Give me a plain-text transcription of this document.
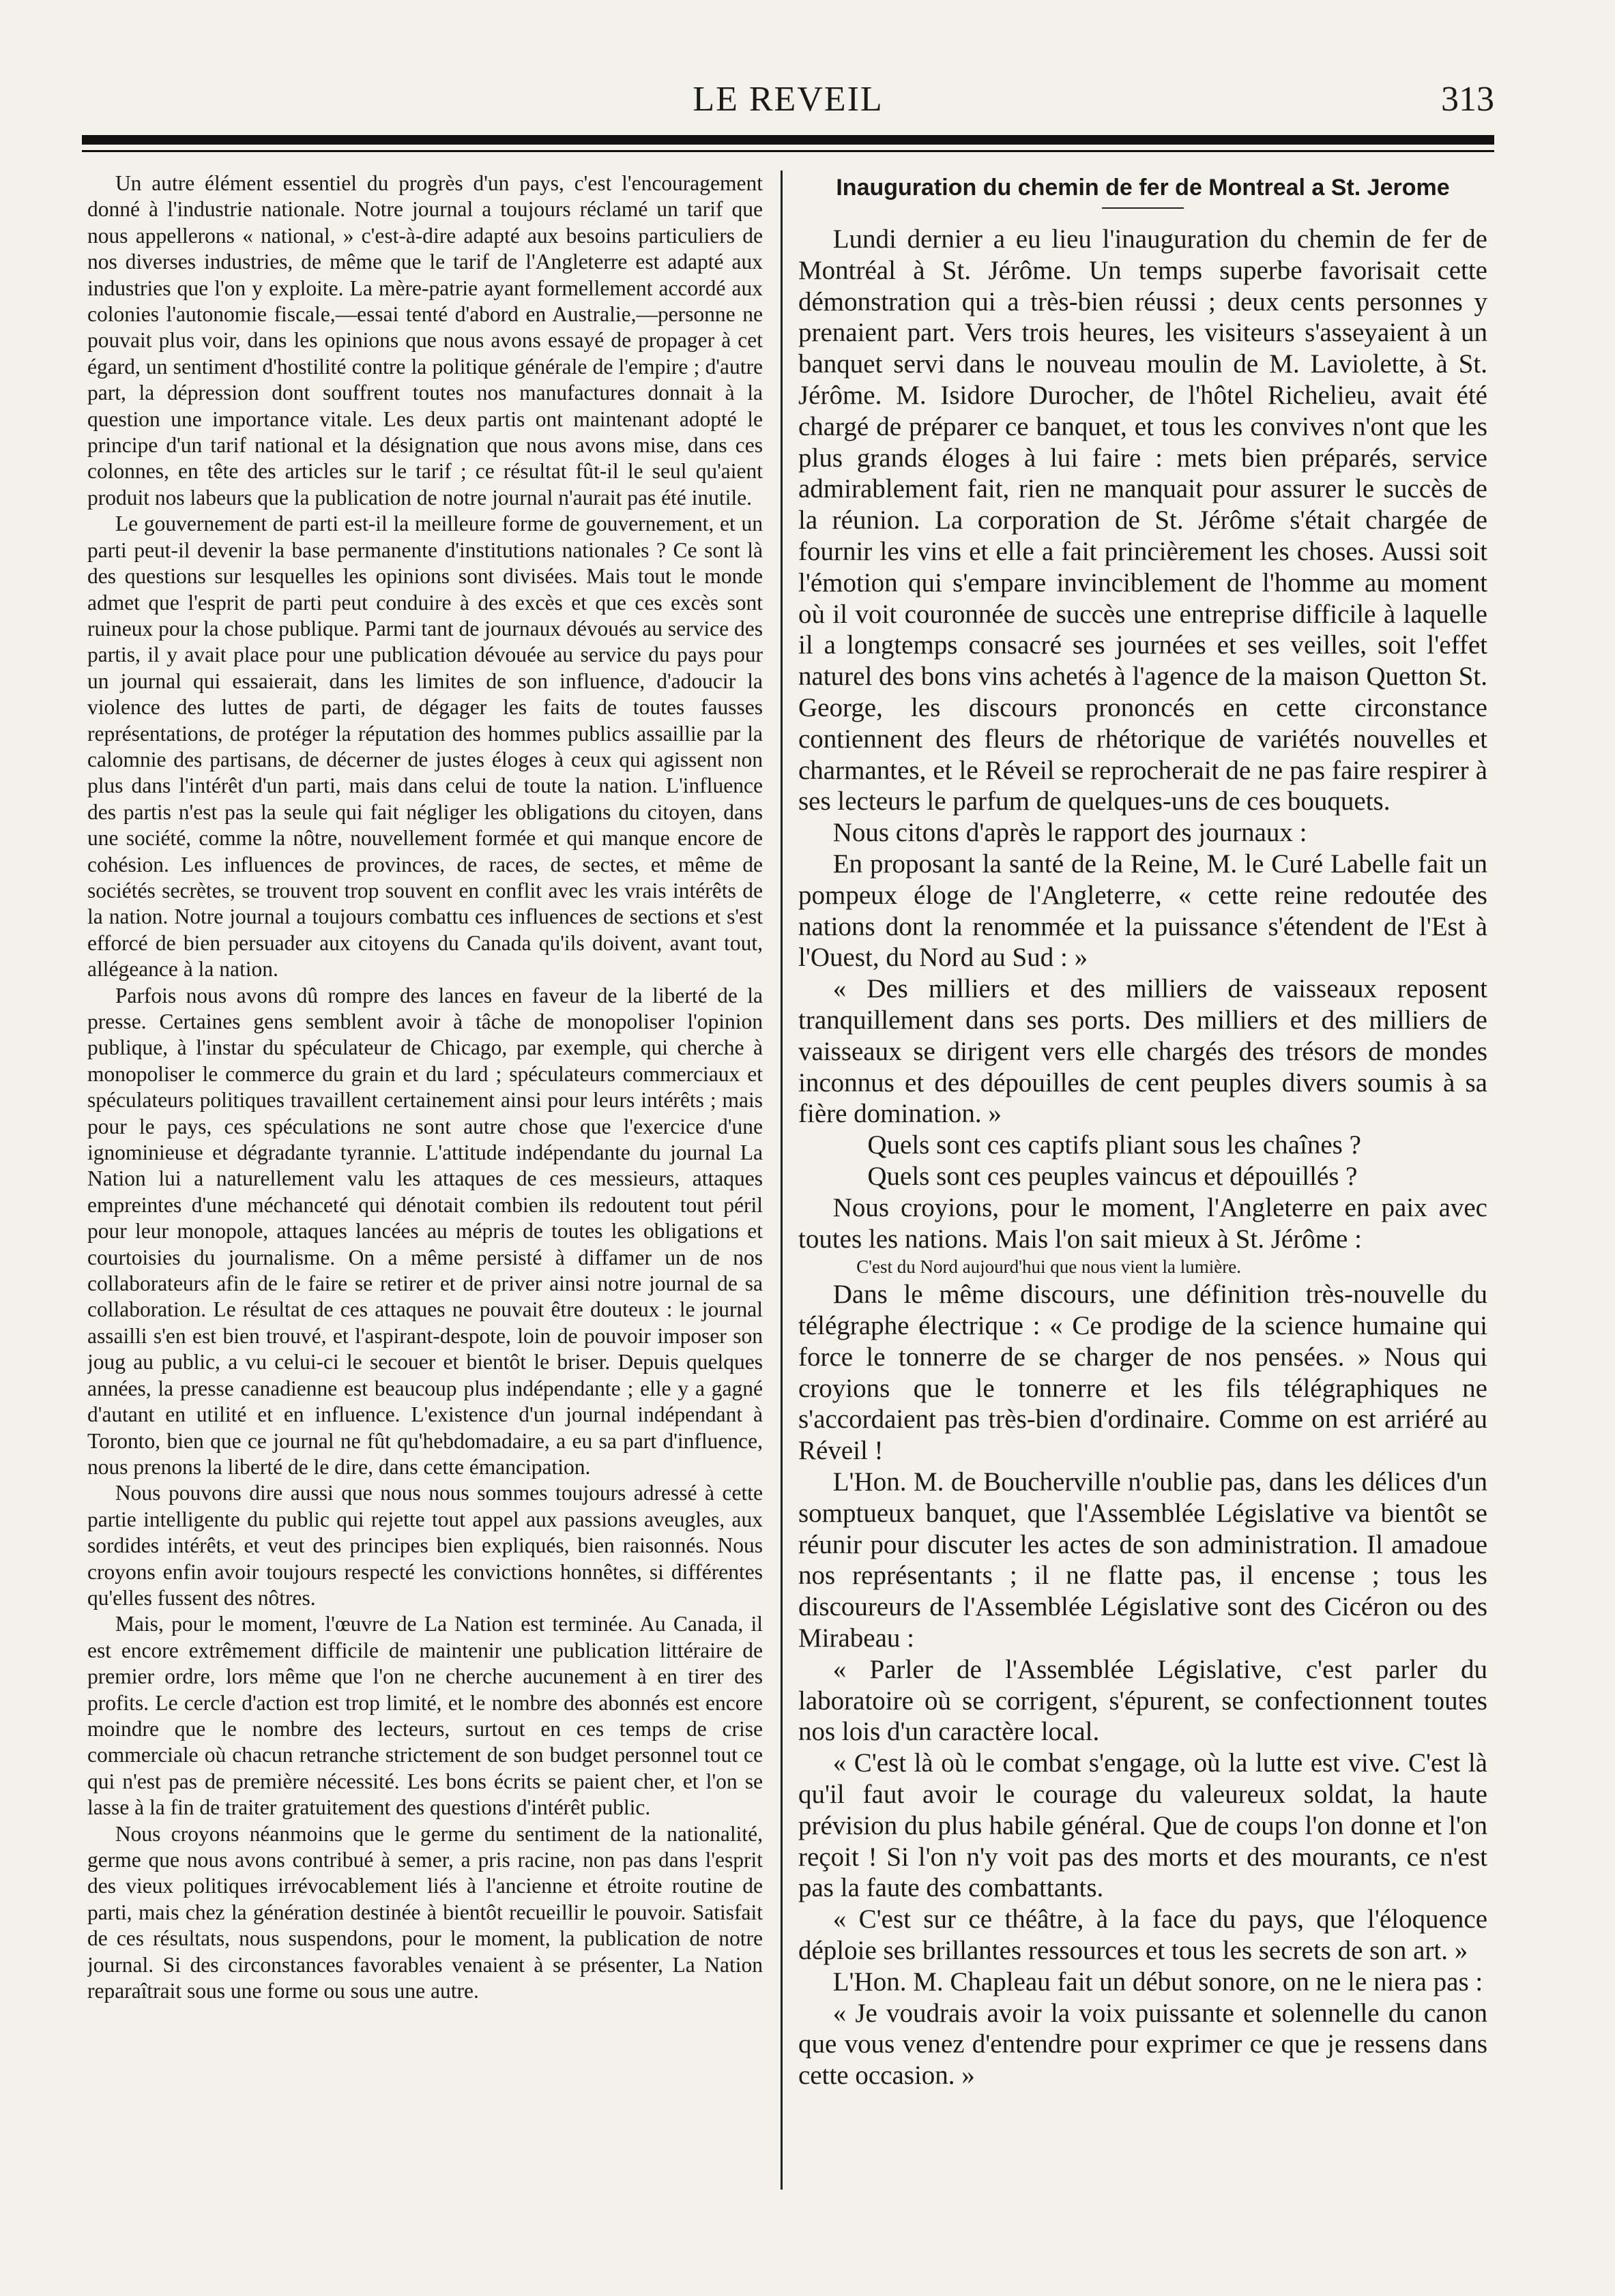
LE REVEIL	313

Un autre élément essentiel du progrès d'un pays, c'est l'encouragement donné à l'industrie nationale. Notre journal a toujours réclamé un tarif que nous appellerons « national, » c'est-à-dire adapté aux besoins particuliers de nos diverses industries, de même que le tarif de l'Angleterre est adapté aux industries que l'on y exploite. La mère-patrie ayant formellement accordé aux colonies l'autonomie fiscale,—essai tenté d'abord en Australie,—personne ne pouvait plus voir, dans les opinions que nous avons essayé de propager à cet égard, un sentiment d'hostilité contre la politique générale de l'empire ; d'autre part, la dépression dont souffrent toutes nos manufactures donnait à la question une importance vitale. Les deux partis ont maintenant adopté le principe d'un tarif national et la désignation que nous avons mise, dans ces colonnes, en tête des articles sur le tarif ; ce résultat fût-il le seul qu'aient produit nos labeurs que la publication de notre journal n'aurait pas été inutile.

Le gouvernement de parti est-il la meilleure forme de gouvernement, et un parti peut-il devenir la base permanente d'institutions nationales ? Ce sont là des questions sur lesquelles les opinions sont divisées. Mais tout le monde admet que l'esprit de parti peut conduire à des excès et que ces excès sont ruineux pour la chose publique. Parmi tant de journaux dévoués au service des partis, il y avait place pour une publication dévouée au service du pays pour un journal qui essaierait, dans les limites de son influence, d'adoucir la violence des luttes de parti, de dégager les faits de toutes fausses représentations, de protéger la réputation des hommes publics assaillie par la calomnie des partisans, de décerner de justes éloges à ceux qui agissent non plus dans l'intérêt d'un parti, mais dans celui de toute la nation. L'influence des partis n'est pas la seule qui fait négliger les obligations du citoyen, dans une société, comme la nôtre, nouvellement formée et qui manque encore de cohésion. Les influences de provinces, de races, de sectes, et même de sociétés secrètes, se trouvent trop souvent en conflit avec les vrais intérêts de la nation. Notre journal a toujours combattu ces influences de sections et s'est efforcé de bien persuader aux citoyens du Canada qu'ils doivent, avant tout, allégeance à la nation.

Parfois nous avons dû rompre des lances en faveur de la liberté de la presse. Certaines gens semblent avoir à tâche de monopoliser l'opinion publique, à l'instar du spéculateur de Chicago, par exemple, qui cherche à monopoliser le commerce du grain et du lard ; spéculateurs commerciaux et spéculateurs politiques travaillent certainement ainsi pour leurs intérêts ; mais pour le pays, ces spéculations ne sont autre chose que l'exercice d'une ignominieuse et dégradante tyrannie. L'attitude indépendante du journal La Nation lui a naturellement valu les attaques de ces messieurs, attaques empreintes d'une méchanceté qui dénotait combien ils redoutent tout péril pour leur monopole, attaques lancées au mépris de toutes les obligations et courtoisies du journalisme. On a même persisté à diffamer un de nos collaborateurs afin de le faire se retirer et de priver ainsi notre journal de sa collaboration. Le résultat de ces attaques ne pouvait être douteux : le journal assailli s'en est bien trouvé, et l'aspirant-despote, loin de pouvoir imposer son joug au public, a vu celui-ci le secouer et bientôt le briser. Depuis quelques années, la presse canadienne est beaucoup plus indépendante ; elle y a gagné d'autant en utilité et en influence. L'existence d'un journal indépendant à Toronto, bien que ce journal ne fût qu'hebdomadaire, a eu sa part d'influence, nous prenons la liberté de le dire, dans cette émancipation.

Nous pouvons dire aussi que nous nous sommes toujours adressé à cette partie intelligente du public qui rejette tout appel aux passions aveugles, aux sordides intérêts, et veut des principes bien expliqués, bien raisonnés. Nous croyons enfin avoir toujours respecté les convictions honnêtes, si différentes qu'elles fussent des nôtres.

Mais, pour le moment, l'œuvre de La Nation est terminée. Au Canada, il est encore extrêmement difficile de maintenir une publication littéraire de premier ordre, lors même que l'on ne cherche aucunement à en tirer des profits. Le cercle d'action est trop limité, et le nombre des abonnés est encore moindre que le nombre des lecteurs, surtout en ces temps de crise commerciale où chacun retranche strictement de son budget personnel tout ce qui n'est pas de première nécessité. Les bons écrits se paient cher, et l'on se lasse à la fin de traiter gratuitement des questions d'intérêt public.

Nous croyons néanmoins que le germe du sentiment de la nationalité, germe que nous avons contribué à semer, a pris racine, non pas dans l'esprit des vieux politiques irrévocablement liés à l'ancienne et étroite routine de parti, mais chez la génération destinée à bientôt recueillir le pouvoir. Satisfait de ces résultats, nous suspendons, pour le moment, la publication de notre journal. Si des circonstances favorables venaient à se présenter, La Nation reparaîtrait sous une forme ou sous une autre.

Inauguration du chemin de fer de Montreal a St. Jerome

Lundi dernier a eu lieu l'inauguration du chemin de fer de Montréal à St. Jérôme. Un temps superbe favorisait cette démonstration qui a très-bien réussi ; deux cents personnes y prenaient part. Vers trois heures, les visiteurs s'asseyaient à un banquet servi dans le nouveau moulin de M. Laviolette, à St. Jérôme. M. Isidore Durocher, de l'hôtel Richelieu, avait été chargé de préparer ce banquet, et tous les convives n'ont que les plus grands éloges à lui faire : mets bien préparés, service admirablement fait, rien ne manquait pour assurer le succès de la réunion. La corporation de St. Jérôme s'était chargée de fournir les vins et elle a fait princièrement les choses. Aussi soit l'émotion qui s'empare invinciblement de l'homme au moment où il voit couronnée de succès une entreprise difficile à laquelle il a longtemps consacré ses journées et ses veilles, soit l'effet naturel des bons vins achetés à l'agence de la maison Quetton St. George, les discours prononcés en cette circonstance contiennent des fleurs de rhétorique de variétés nouvelles et charmantes, et le Réveil se reprocherait de ne pas faire respirer à ses lecteurs le parfum de quelques-uns de ces bouquets.

Nous citons d'après le rapport des journaux :

En proposant la santé de la Reine, M. le Curé Labelle fait un pompeux éloge de l'Angleterre, « cette reine redoutée des nations dont la renommée et la puissance s'étendent de l'Est à l'Ouest, du Nord au Sud : »

« Des milliers et des milliers de vaisseaux reposent tranquillement dans ses ports. Des milliers et des milliers de vaisseaux se dirigent vers elle chargés des trésors de mondes inconnus et des dépouilles de cent peuples divers soumis à sa fière domination. »

Quels sont ces captifs pliant sous les chaînes ?

Quels sont ces peuples vaincus et dépouillés ?

Nous croyions, pour le moment, l'Angleterre en paix avec toutes les nations. Mais l'on sait mieux à St. Jérôme :

C'est du Nord aujourd'hui que nous vient la lumière.

Dans le même discours, une définition très-nouvelle du télégraphe électrique : « Ce prodige de la science humaine qui force le tonnerre de se charger de nos pensées. » Nous qui croyions que le tonnerre et les fils télégraphiques ne s'accordaient pas très-bien d'ordinaire. Comme on est arriéré au Réveil !

L'Hon. M. de Boucherville n'oublie pas, dans les délices d'un somptueux banquet, que l'Assemblée Législative va bientôt se réunir pour discuter les actes de son administration. Il amadoue nos représentants ; il ne flatte pas, il encense ; tous les discoureurs de l'Assemblée Législative sont des Cicéron ou des Mirabeau :

« Parler de l'Assemblée Législative, c'est parler du laboratoire où se corrigent, s'épurent, se confectionnent toutes nos lois d'un caractère local.

« C'est là où le combat s'engage, où la lutte est vive. C'est là qu'il faut avoir le courage du valeureux soldat, la haute prévision du plus habile général. Que de coups l'on donne et l'on reçoit ! Si l'on n'y voit pas des morts et des mourants, ce n'est pas la faute des combattants.

« C'est sur ce théâtre, à la face du pays, que l'éloquence déploie ses brillantes ressources et tous les secrets de son art. »

L'Hon. M. Chapleau fait un début sonore, on ne le niera pas :

« Je voudrais avoir la voix puissante et solennelle du canon que vous venez d'entendre pour exprimer ce que je ressens dans cette occasion. »
